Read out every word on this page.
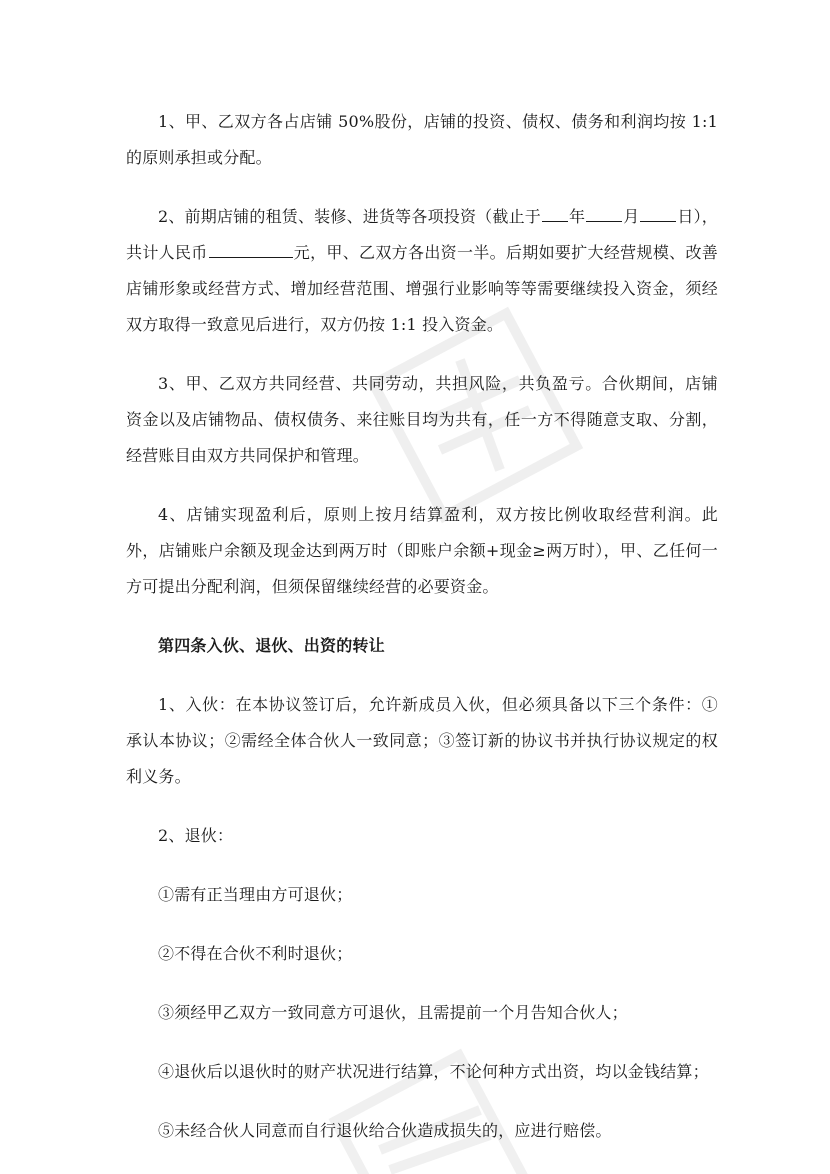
1、甲、乙双方各占店铺 50%股份，店铺的投资、债权、债务和利润均按 1:1 的原则承担或分配。

2、前期店铺的租赁、装修、进货等各项投资（截止于 年 月 日），共计人民币	元，甲、乙双方各出资一半。后期如要扩大经营规模、改善店铺形象或经营方式、增加经营范围、增强行业影响等等需要继续投入资金，须经双方取得一致意见后进行，双方仍按 1:1 投入资金。

3、甲、乙双方共同经营、共同劳动，共担风险，共负盈亏。合伙期间，店铺资金以及店铺物品、债权债务、来往账目均为共有，任一方不得随意支取、分割，经营账目由双方共同保护和管理。

4、店铺实现盈利后，原则上按月结算盈利，双方按比例收取经营利润。此外，店铺账户余额及现金达到两万时（即账户余额+现金≥两万时），甲、乙任何一方可提出分配利润，但须保留继续经营的必要资金。

第四条入伙、退伙、出资的转让

1、入伙：在本协议签订后，允许新成员入伙，但必须具备以下三个条件：①承认本协议；②需经全体合伙人一致同意；③签订新的协议书并执行协议规定的权利义务。

2、退伙：

①需有正当理由方可退伙；

②不得在合伙不利时退伙；

③须经甲乙双方一致同意方可退伙，且需提前一个月告知合伙人；

④退伙后以退伙时的财产状况进行结算，不论何种方式出资，均以金钱结算；

⑤未经合伙人同意而自行退伙给合伙造成损失的，应进行赔偿。
